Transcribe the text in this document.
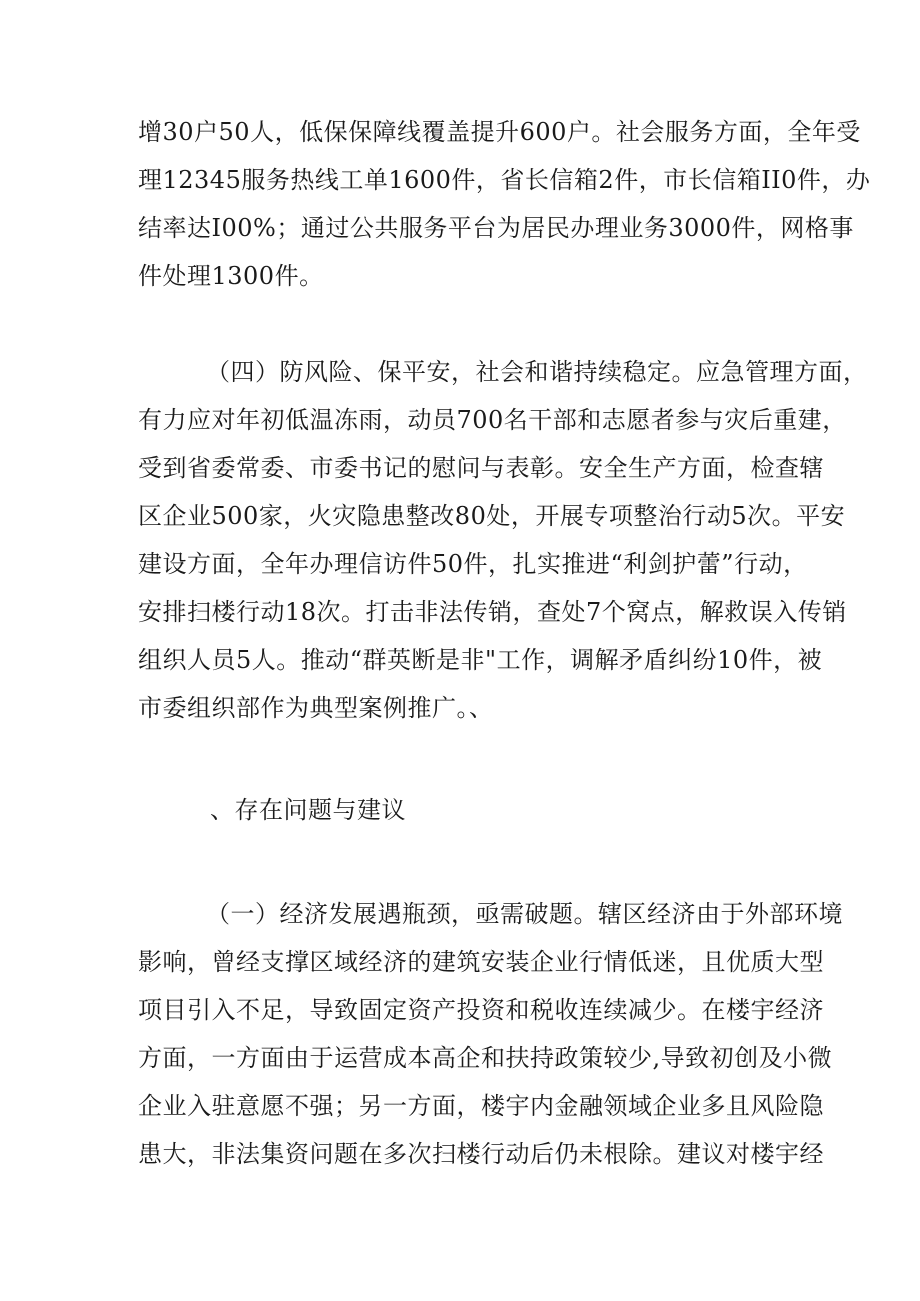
增30户50人，低保保障线覆盖提升600户。社会服务方面，全年受
理12345服务热线工单1600件，省长信箱2件，市长信箱II0件，办
结率达I00%；通过公共服务平台为居民办理业务3000件，网格事
件处理1300件。

（四）防风险、保平安，社会和谐持续稳定。应急管理方面，
有力应对年初低温冻雨，动员700名干部和志愿者参与灾后重建，
受到省委常委、市委书记的慰问与表彰。安全生产方面，检查辖
区企业500家，火灾隐患整改80处，开展专项整治行动5次。平安
建设方面，全年办理信访件50件，扎实推进“利剑护蕾”行动，
安排扫楼行动18次。打击非法传销，查处7个窝点，解救误入传销
组织人员5人。推动“群英断是非"工作，调解矛盾纠纷10件，被
市委组织部作为典型案例推广。、

、存在问题与建议

（一）经济发展遇瓶颈，亟需破题。辖区经济由于外部环境
影响，曾经支撑区域经济的建筑安装企业行情低迷，且优质大型
项目引入不足，导致固定资产投资和税收连续减少。在楼宇经济
方面，一方面由于运营成本高企和扶持政策较少,导致初创及小微
企业入驻意愿不强；另一方面，楼宇内金融领域企业多且风险隐
患大，非法集资问题在多次扫楼行动后仍未根除。建议对楼宇经
